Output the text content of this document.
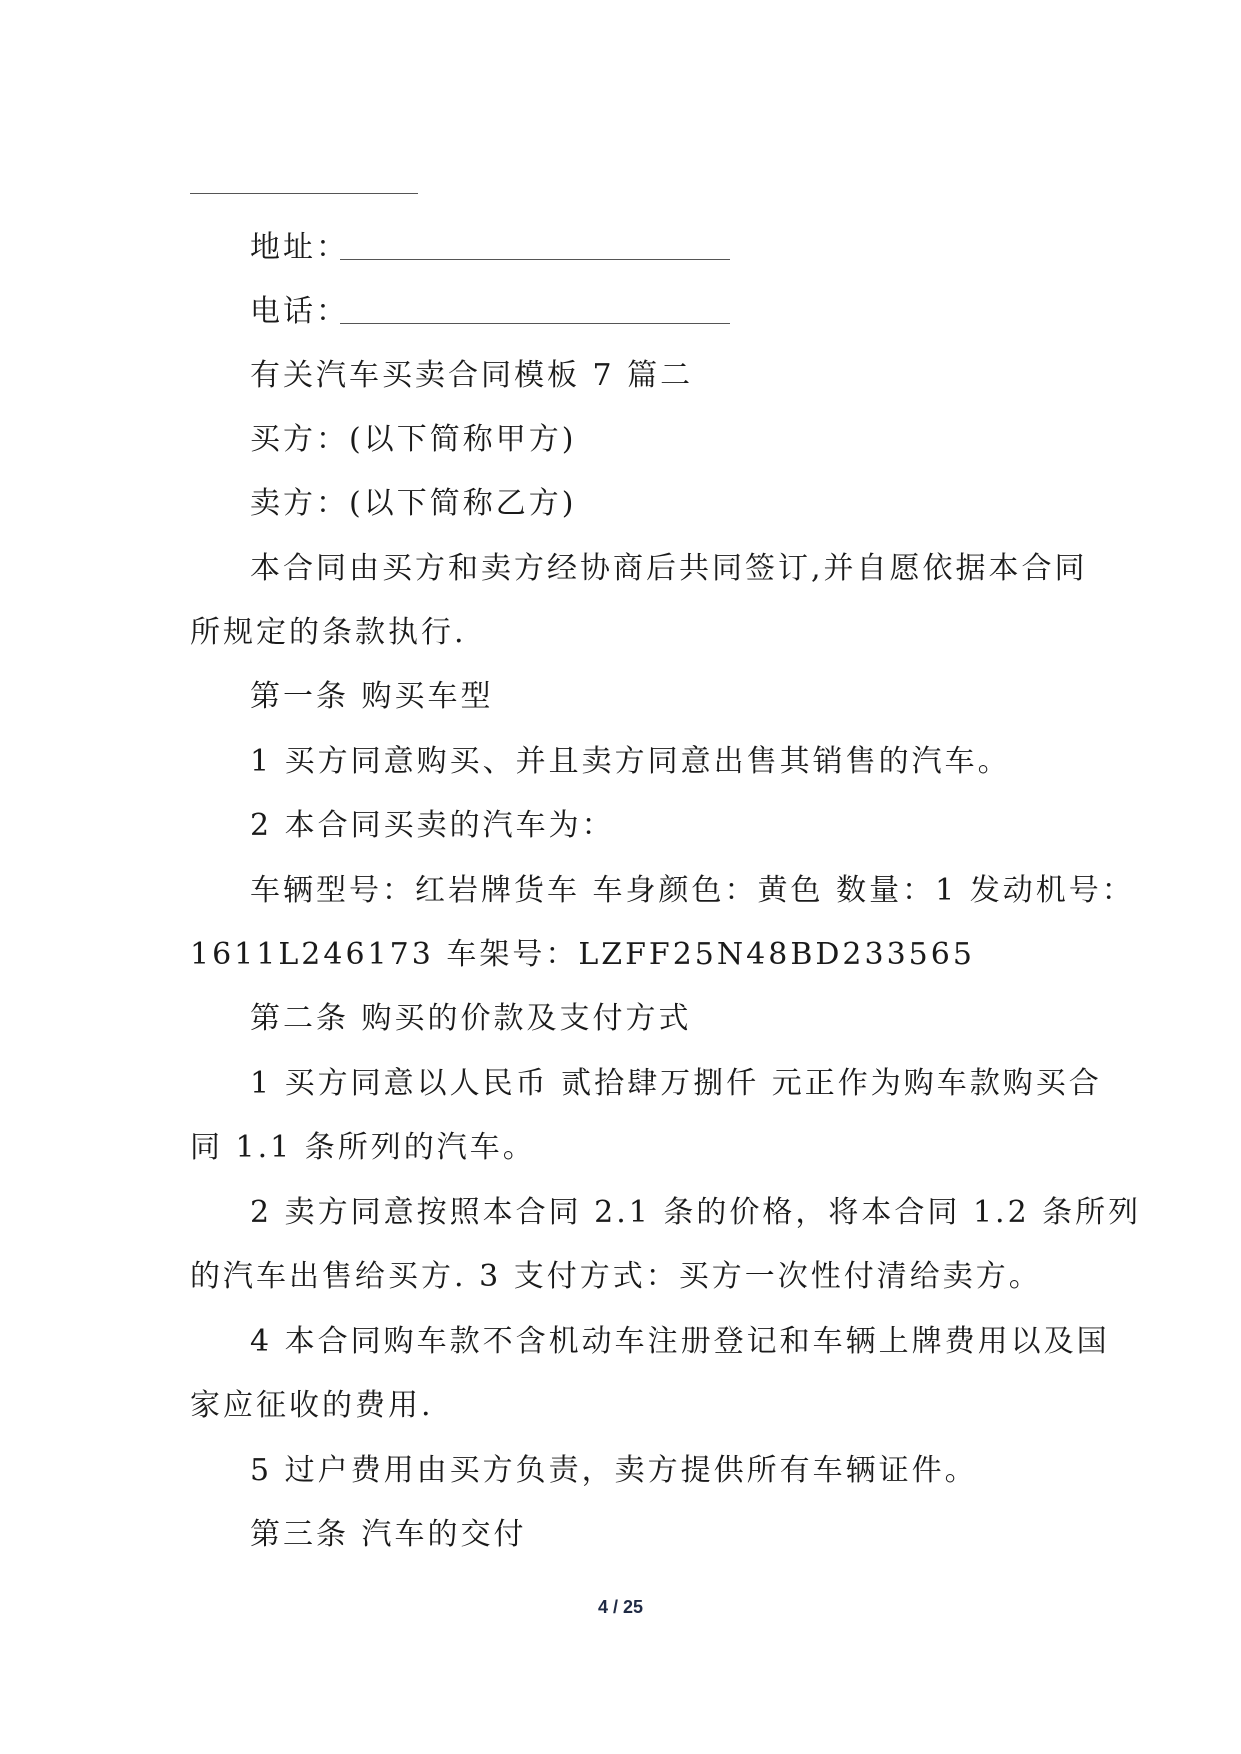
地址：
电话：
有关汽车买卖合同模板 7 篇二
买方：(以下简称甲方)
卖方：(以下简称乙方)
本合同由买方和卖方经协商后共同签订,并自愿依据本合同
所规定的条款执行.
第一条 购买车型
1 买方同意购买、并且卖方同意出售其销售的汽车。
2 本合同买卖的汽车为：
车辆型号：红岩牌货车 车身颜色：黄色 数量：1 发动机号：
1611L246173 车架号：LZFF25N48BD233565
第二条 购买的价款及支付方式
1 买方同意以人民币 贰拾肆万捌仟 元正作为购车款购买合
同 1.1 条所列的汽车。
2 卖方同意按照本合同 2.1 条的价格，将本合同 1.2 条所列
的汽车出售给买方. 3 支付方式：买方一次性付清给卖方。
4 本合同购车款不含机动车注册登记和车辆上牌费用以及国
家应征收的费用.
5 过户费用由买方负责，卖方提供所有车辆证件。
第三条 汽车的交付
4 / 25
